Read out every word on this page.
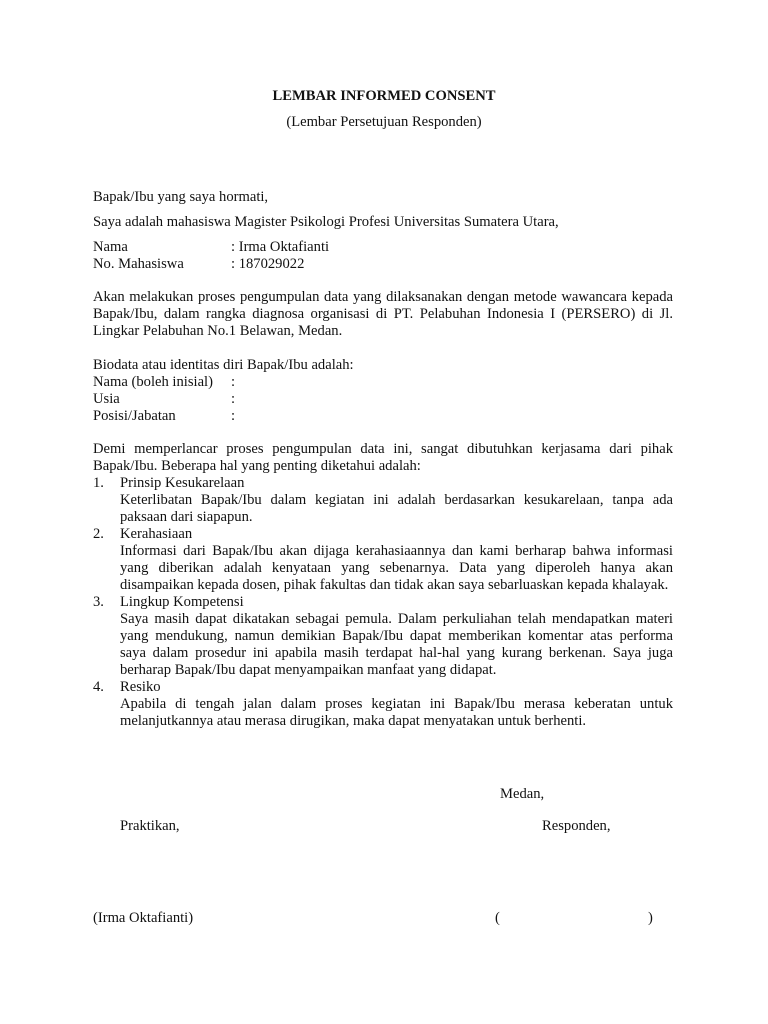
LEMBAR INFORMED CONSENT
(Lembar Persetujuan Responden)
Bapak/Ibu yang saya hormati,
Saya adalah mahasiswa Magister Psikologi Profesi Universitas Sumatera Utara,
Nama	: Irma Oktafianti
No. Mahasiswa	: 187029022
Akan melakukan proses pengumpulan data yang dilaksanakan dengan metode wawancara kepada Bapak/Ibu, dalam rangka diagnosa organisasi di PT. Pelabuhan Indonesia I (PERSERO) di Jl. Lingkar Pelabuhan No.1 Belawan, Medan.
Biodata atau identitas diri Bapak/Ibu adalah:
Nama (boleh inisial) :
Usia	:
Posisi/Jabatan	:
Demi memperlancar proses pengumpulan data ini, sangat dibutuhkan kerjasama dari pihak Bapak/Ibu. Beberapa hal yang penting diketahui adalah:
1. Prinsip Kesukarelaan
Keterlibatan Bapak/Ibu dalam kegiatan ini adalah berdasarkan kesukarelaan, tanpa ada paksaan dari siapapun.
2. Kerahasiaan
Informasi dari Bapak/Ibu akan dijaga kerahasiaannya dan kami berharap bahwa informasi yang diberikan adalah kenyataan yang sebenarnya. Data yang diperoleh hanya akan disampaikan kepada dosen, pihak fakultas dan tidak akan saya sebarluaskan kepada khalayak.
3. Lingkup Kompetensi
Saya masih dapat dikatakan sebagai pemula. Dalam perkuliahan telah mendapatkan materi yang mendukung, namun demikian Bapak/Ibu dapat memberikan komentar atas performa saya dalam prosedur ini apabila masih terdapat hal-hal yang kurang berkenan. Saya juga berharap Bapak/Ibu dapat menyampaikan manfaat yang didapat.
4. Resiko
Apabila di tengah jalan dalam proses kegiatan ini Bapak/Ibu merasa keberatan untuk melanjutkannya atau merasa dirugikan, maka dapat menyatakan untuk berhenti.
Medan,
Praktikan,	Responden,
(Irma Oktafianti)	(	)
